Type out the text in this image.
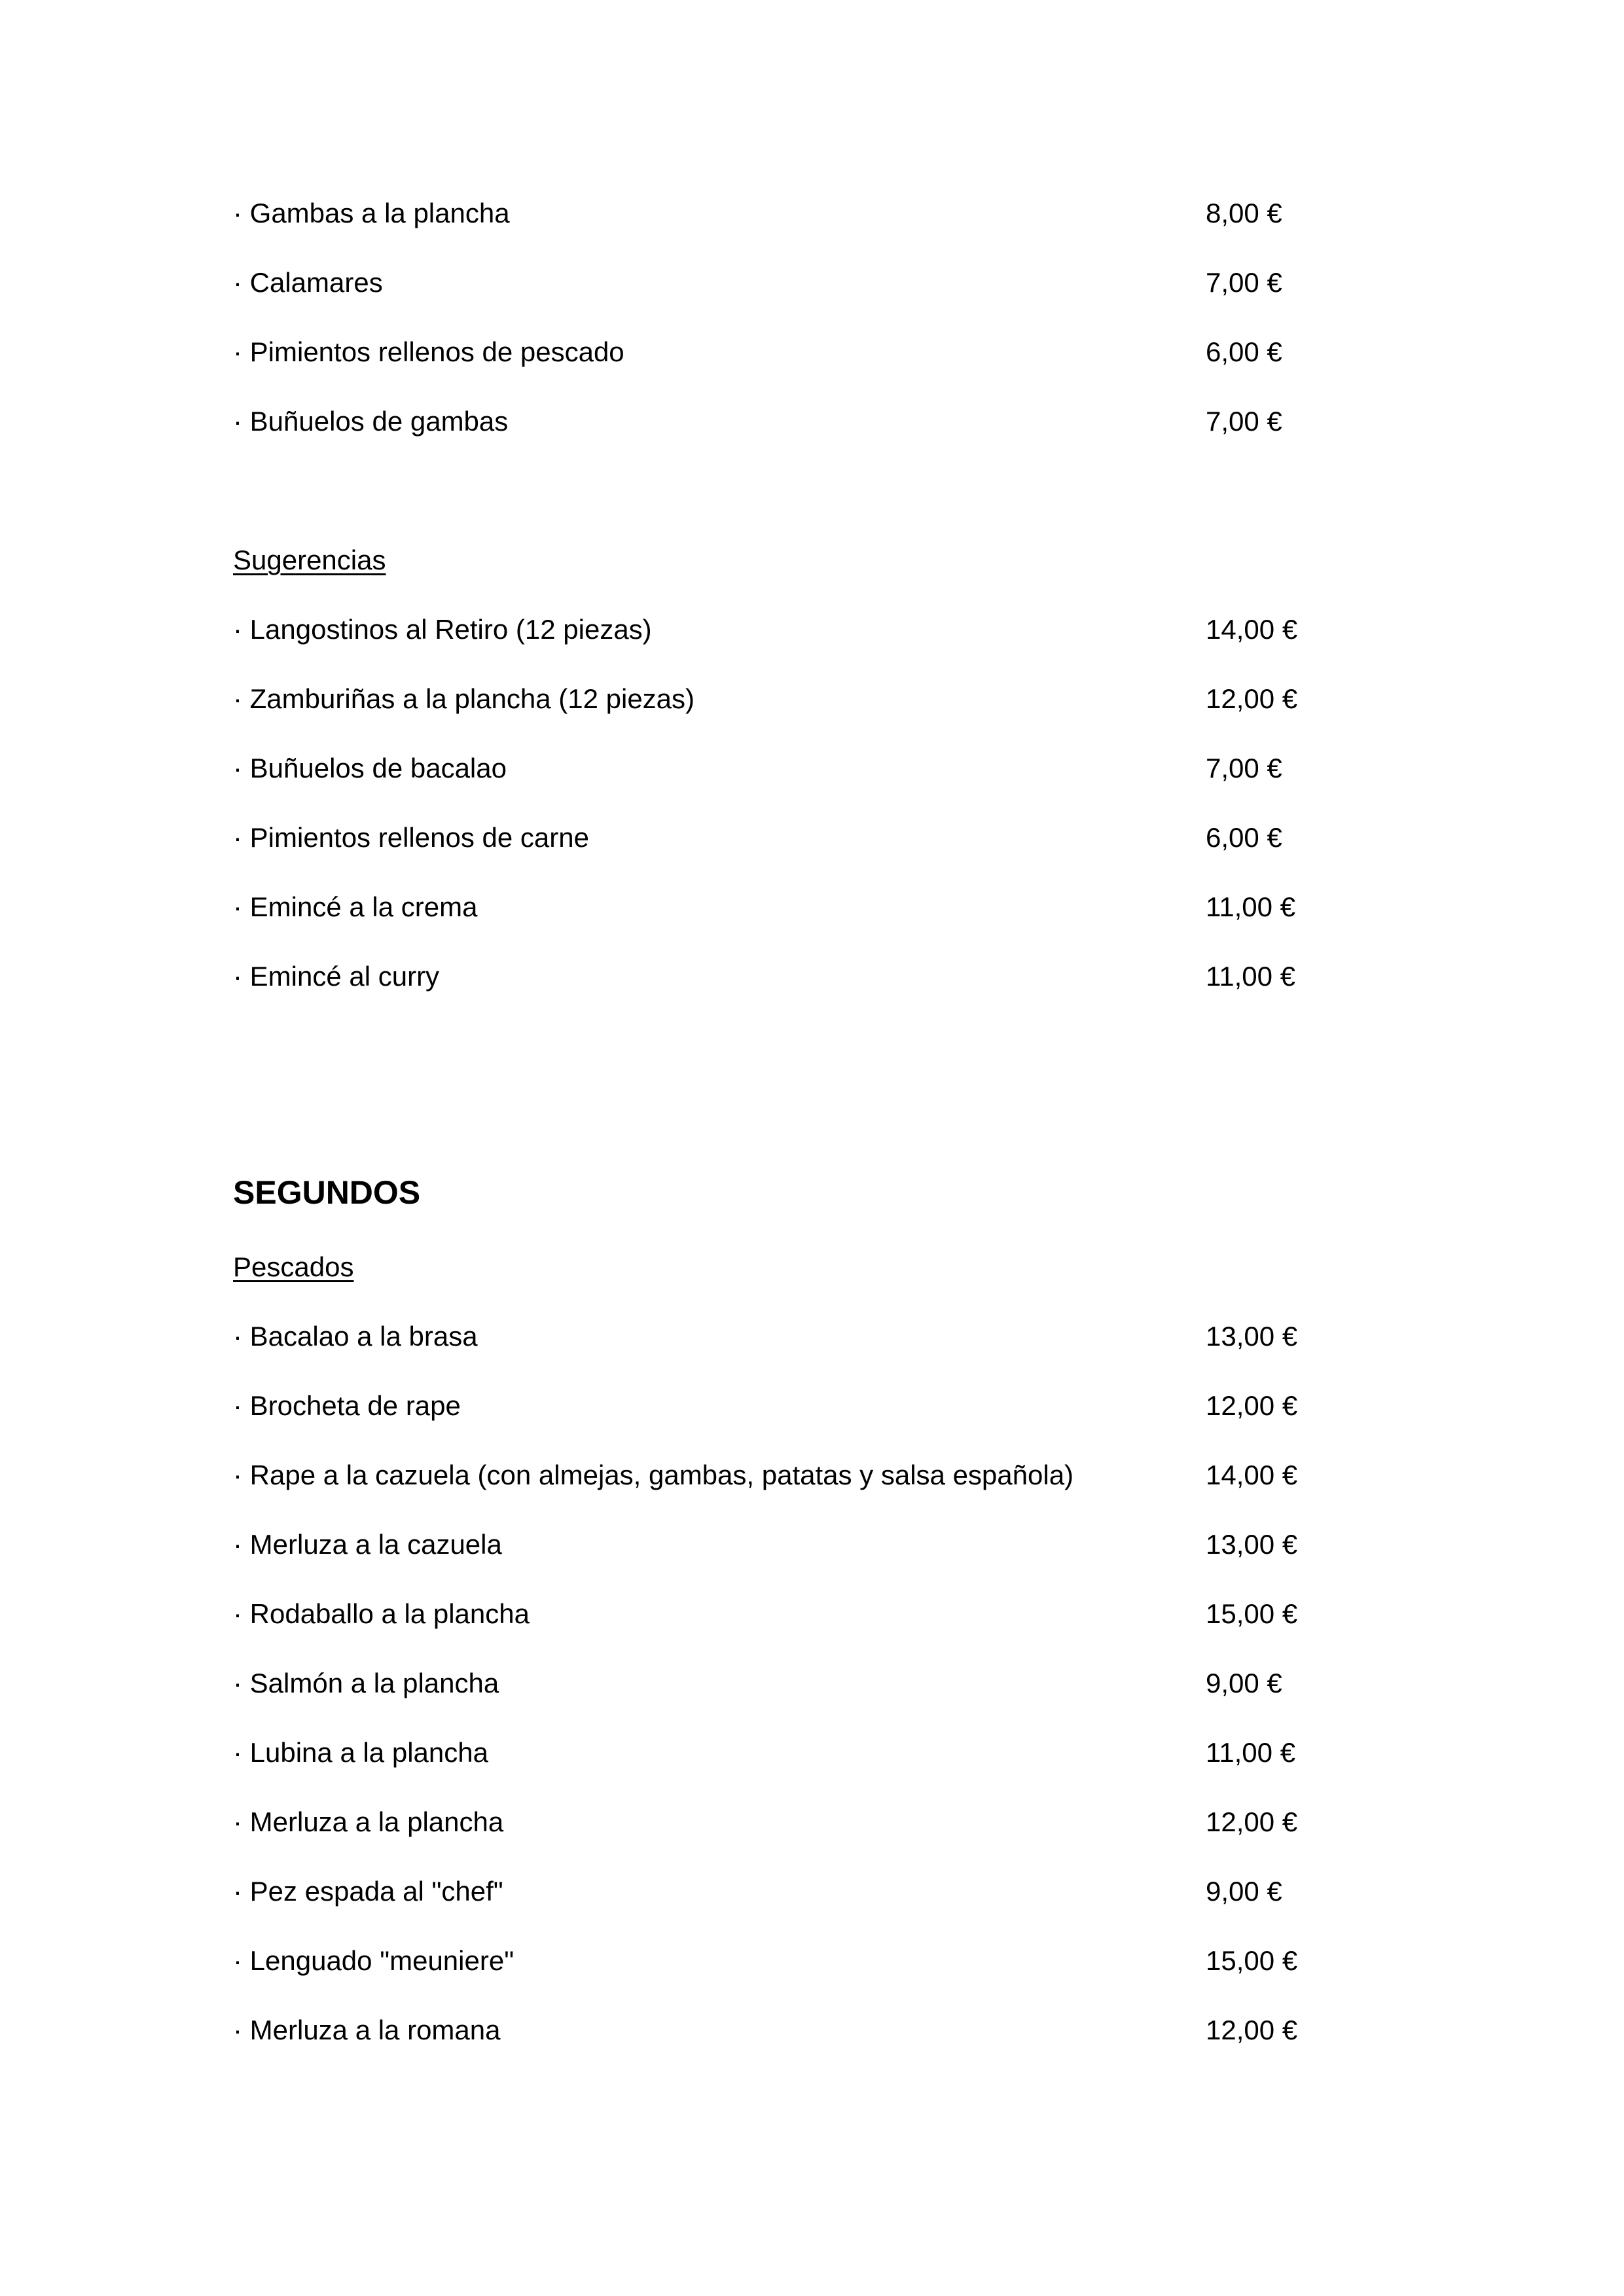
· Gambas a la plancha	8,00 €
· Calamares	7,00 €
· Pimientos rellenos de pescado	6,00 €
· Buñuelos de gambas	7,00 €
Sugerencias
· Langostinos al Retiro (12 piezas)	14,00 €
· Zamburiñas a la plancha (12 piezas)	12,00 €
· Buñuelos de bacalao	7,00 €
· Pimientos rellenos de carne	6,00 €
· Emincé a la crema	11,00 €
· Emincé al curry	11,00 €
SEGUNDOS
Pescados
· Bacalao a la brasa	13,00 €
· Brocheta de rape	12,00 €
· Rape a la cazuela (con almejas, gambas, patatas y salsa española)	14,00 €
· Merluza a la cazuela	13,00 €
· Rodaballo a la plancha	15,00 €
· Salmón a la plancha	9,00 €
· Lubina a la plancha	11,00 €
· Merluza a la plancha	12,00 €
· Pez espada al "chef"	9,00 €
· Lenguado "meuniere"	15,00 €
· Merluza a la romana	12,00 €
